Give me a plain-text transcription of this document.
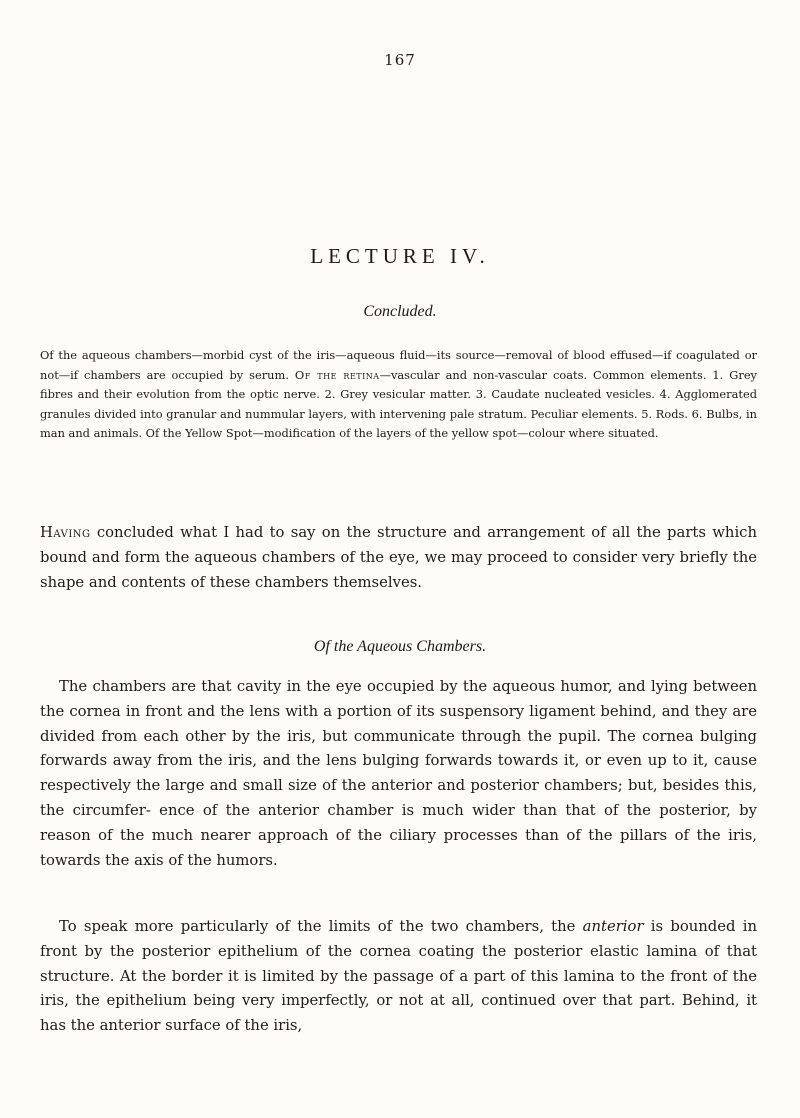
167
LECTURE IV.
Concluded.

Of the aqueous chambers—morbid cyst of the iris—aqueous fluid—its source—removal of blood effused—if coagulated or not—if chambers are occupied by serum. Of the retina—vascular and non-vascular coats. Common elements. 1. Grey fibres and their evolution from the optic nerve. 2. Grey vesicular matter. 3. Caudate nucleated vesicles. 4. Agglomerated granules divided into granular and nummular layers, with intervening pale stratum. Peculiar elements. 5. Rods. 6. Bulbs, in man and animals. Of the Yellow Spot—modification of the layers of the yellow spot—colour where situated.

Having concluded what I had to say on the structure and arrangement of all the parts which bound and form the aqueous chambers of the eye, we may proceed to consider very briefly the shape and contents of these chambers themselves.

Of the Aqueous Chambers.

The chambers are that cavity in the eye occupied by the aqueous humor, and lying between the cornea in front and the lens with a portion of its suspensory ligament behind, and they are divided from each other by the iris, but communicate through the pupil. The cornea bulging forwards away from the iris, and the lens bulging forwards towards it, or even up to it, cause respectively the large and small size of the anterior and posterior chambers; but, besides this, the circumfer- ence of the anterior chamber is much wider than that of the posterior, by reason of the much nearer approach of the ciliary processes than of the pillars of the iris, towards the axis of the humors.

To speak more particularly of the limits of the two chambers, the anterior is bounded in front by the posterior epithelium of the cornea coating the posterior elastic lamina of that structure. At the border it is limited by the passage of a part of this lamina to the front of the iris, the epithelium being very imperfectly, or not at all, continued over that part. Behind, it has the anterior surface of the iris,
